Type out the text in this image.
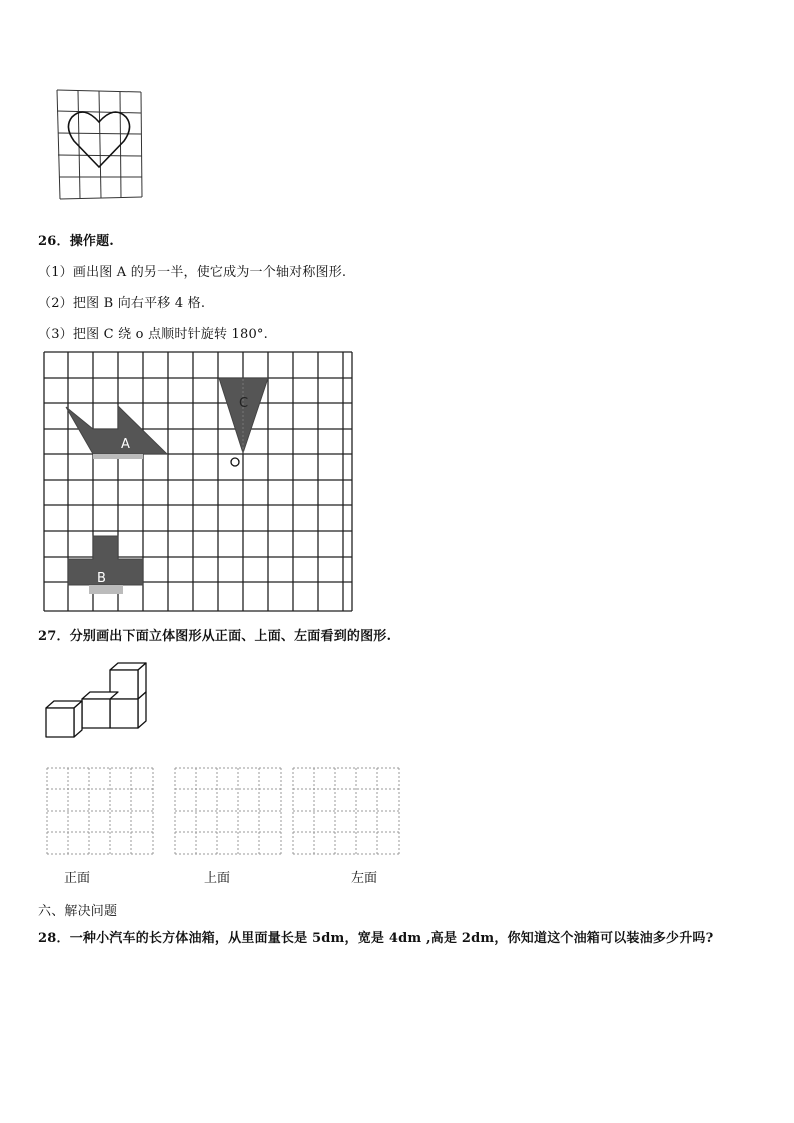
26．操作题.
（1）画出图 A 的另一半，使它成为一个轴对称图形.
（2）把图 B 向右平移 4 格.
（3）把图 C 绕 o 点顺时针旋转 180°.
A
B
C
27．分别画出下面立体图形从正面、上面、左面看到的图形.
正面	上面	左面
六、解决问题
28．一种小汽车的长方体油箱，从里面量长是 5dm，宽是 4dm ,高是 2dm，你知道这个油箱可以装油多少升吗?
